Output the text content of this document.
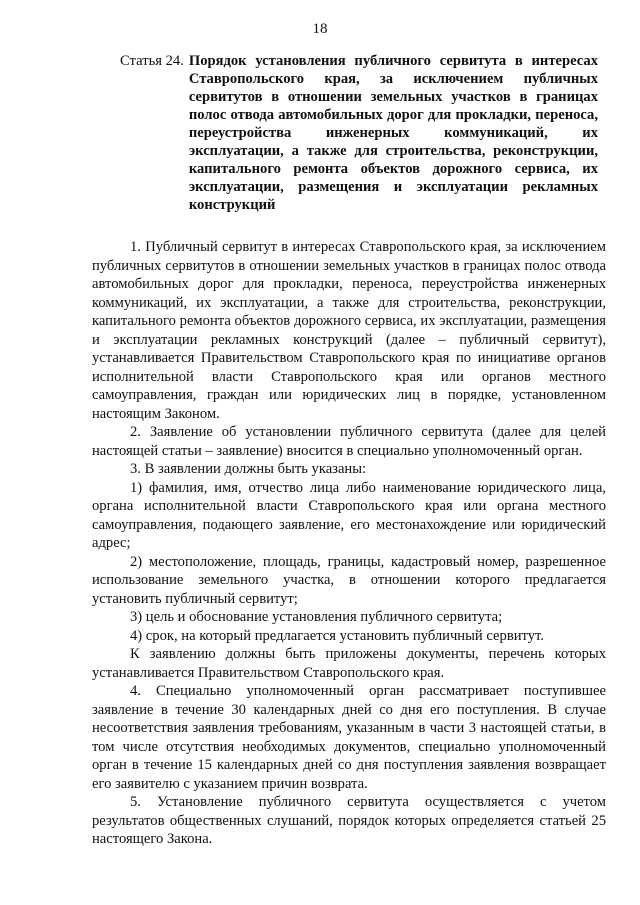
18
Статья 24. Порядок установления публичного сервитута в интересах Ставропольского края, за исключением публичных сервитутов в отношении земельных участков в границах полос отвода автомобильных дорог для прокладки, переноса, переустройства инженерных коммуникаций, их эксплуатации, а также для строительства, реконструкции, капитального ремонта объектов дорожного сервиса, их эксплуатации, размещения и эксплуатации рекламных конструкций

1. Публичный сервитут в интересах Ставропольского края, за исключением публичных сервитутов в отношении земельных участков в границах полос отвода автомобильных дорог для прокладки, переноса, переустройства инженерных коммуникаций, их эксплуатации, а также для строительства, реконструкции, капитального ремонта объектов дорожного сервиса, их эксплуатации, размещения и эксплуатации рекламных конструкций (далее – публичный сервитут), устанавливается Правительством Ставропольского края по инициативе органов исполнительной власти Ставропольского края или органов местного самоуправления, граждан или юридических лиц в порядке, установленном настоящим Законом.

2. Заявление об установлении публичного сервитута (далее для целей настоящей статьи – заявление) вносится в специально уполномоченный орган.

3. В заявлении должны быть указаны:

1) фамилия, имя, отчество лица либо наименование юридического лица, органа исполнительной власти Ставропольского края или органа местного самоуправления, подающего заявление, его местонахождение или юридический адрес;

2) местоположение, площадь, границы, кадастровый номер, разрешенное использование земельного участка, в отношении которого предлагается установить публичный сервитут;

3) цель и обоснование установления публичного сервитута;

4) срок, на который предлагается установить публичный сервитут.

К заявлению должны быть приложены документы, перечень которых устанавливается Правительством Ставропольского края.

4. Специально уполномоченный орган рассматривает поступившее заявление в течение 30 календарных дней со дня его поступления. В случае несоответствия заявления требованиям, указанным в части 3 настоящей статьи, в том числе отсутствия необходимых документов, специально уполномоченный орган в течение 15 календарных дней со дня поступления заявления возвращает его заявителю с указанием причин возврата.

5. Установление публичного сервитута осуществляется с учетом результатов общественных слушаний, порядок которых определяется статьей 25 настоящего Закона.
